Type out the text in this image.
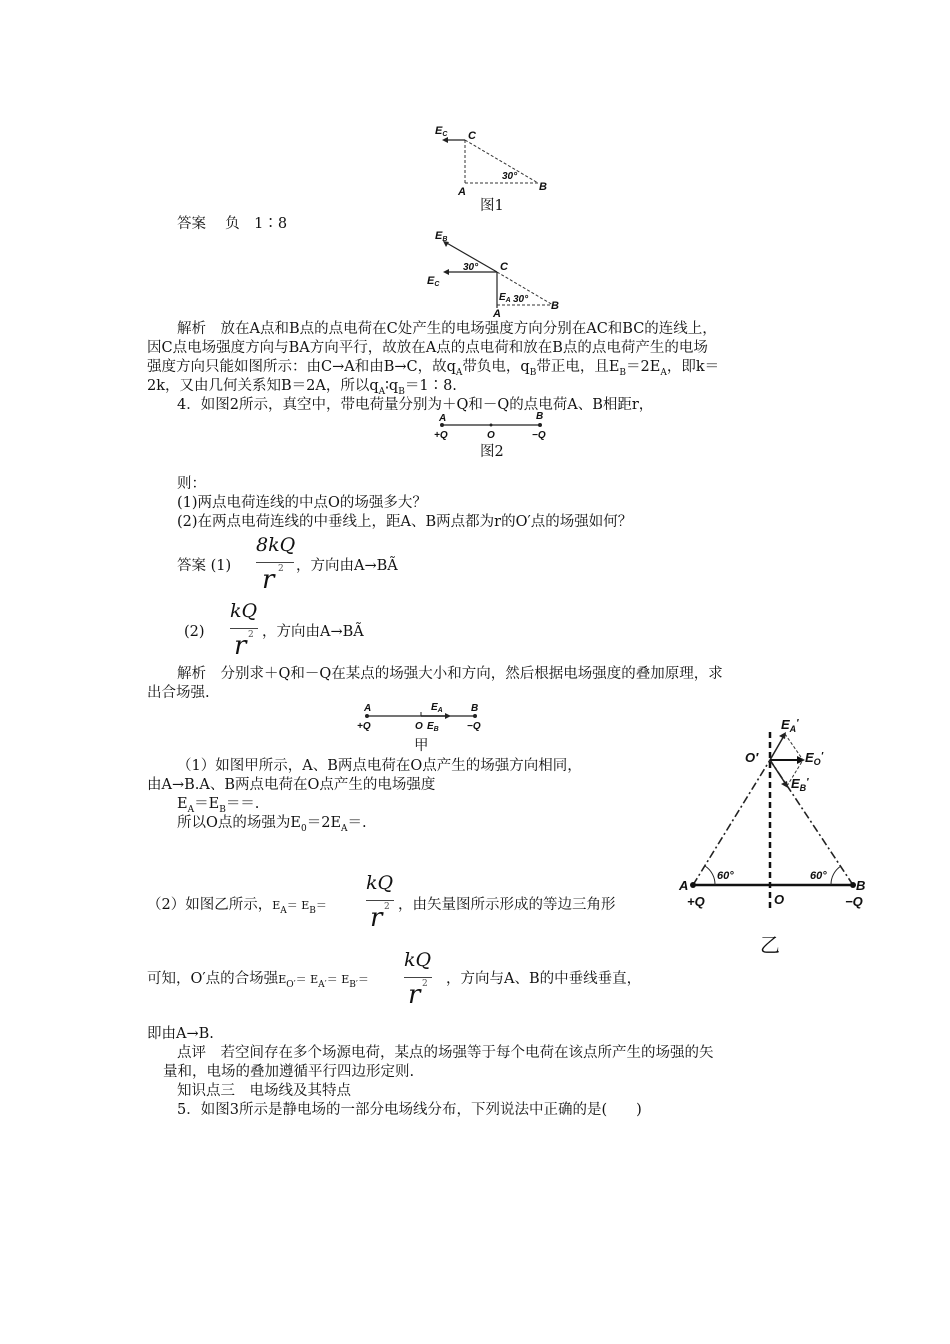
EC C
A	B
30°
图1
答案　 负　1∶8
EB
EC
30° C
$E_A$ 30°
A
B
解析　放在A点和B点的点电荷在C处产生的电场强度方向分别在AC和BC的连线上，
因C点电场强度方向与BA方向平行，故放在A点的点电荷和放在B点的点电荷产生的电场
强度方向只能如图所示：由C→A和由B→C，故$q_A$带负电，$q_B$带正电，且$E_B=2E_A$，即k＝
2k，又由几何关系知B＝2A，所以$q_A∶q_B=1∶8$.
4．如图2所示，真空中，带电荷量分别为＋Q和－Q的点电荷A、B相距r，
A	B
O
+Q	−Q
图2
则：
(1)两点电荷连线的中点O的场强多大？
(2)在两点电荷连线的中垂线上，距A、B两点都为r的O′点的场强如何？
答案 (1)
8kQ
2
r ，方向由A→BÃ
(2)
kQ
2
r ，方向由A→BÃ
解析　分别求＋Q和－Q在某点的场强大小和方向，然后根据电场强度的叠加原理，求
出合场强.
A	B
$E_A$
O $E_B$
+Q	−Q
甲
（1）如图甲所示，A、B两点电荷在O点产生的场强方向相同，
由A→B.A、B两点电荷在O点产生的电场强度
$E_A=E_B==$.
所以O点的场强为$E_0=2E_A=$.
$E_A'$
$E_O'$
$E_B'$
O′
A	B
60°	60°
O
+Q	−Q
乙
（2）如图乙所示，$E_A= E_B=$
kQ
2
r ，由矢量图所示形成的等边三角形
可知，O′点的合场强$E_{O'}= E_{A'}= E_{B'}=$
kQ
2
r
，方向与A、B的中垂线垂直，
即由A→B.
点评　若空间存在多个场源电荷，某点的场强等于每个电荷在该点所产生的场强的矢
量和，电场的叠加遵循平行四边形定则.
知识点三　电场线及其特点
5．如图3所示是静电场的一部分电场线分布，下列说法中正确的是(　　)
